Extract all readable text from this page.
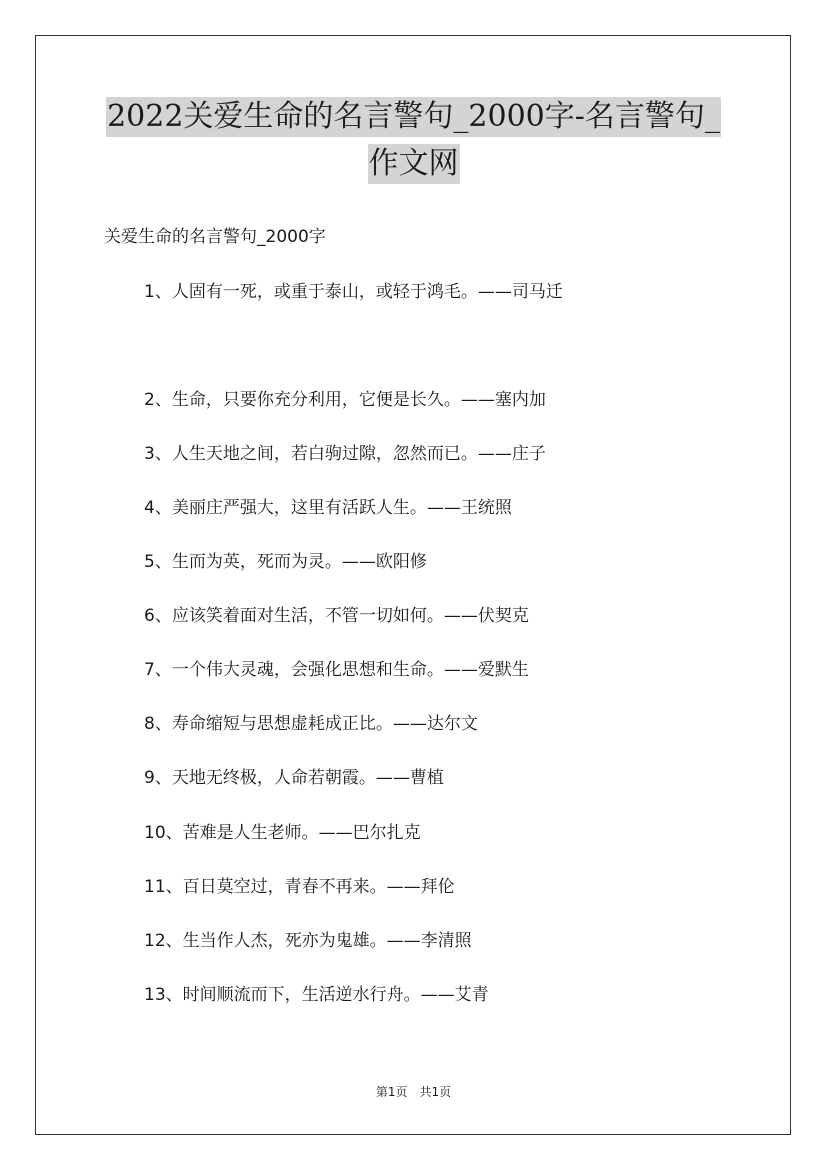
2022关爱生命的名言警句_2000字-名言警句_
作文网
关爱生命的名言警句_2000字
1、人固有一死，或重于泰山，或轻于鸿毛。——司马迁
2、生命，只要你充分利用，它便是长久。——塞内加
3、人生天地之间，若白驹过隙，忽然而已。——庄子
4、美丽庄严强大，这里有活跃人生。——王统照
5、生而为英，死而为灵。——欧阳修
6、应该笑着面对生活，不管一切如何。——伏契克
7、一个伟大灵魂，会强化思想和生命。——爱默生
8、寿命缩短与思想虚耗成正比。——达尔文
9、天地无终极，人命若朝霞。——曹植
10、苦难是人生老师。——巴尔扎克
11、百日莫空过，青春不再来。——拜伦
12、生当作人杰，死亦为鬼雄。——李清照
13、时间顺流而下，生活逆水行舟。——艾青
第1页 共1页
